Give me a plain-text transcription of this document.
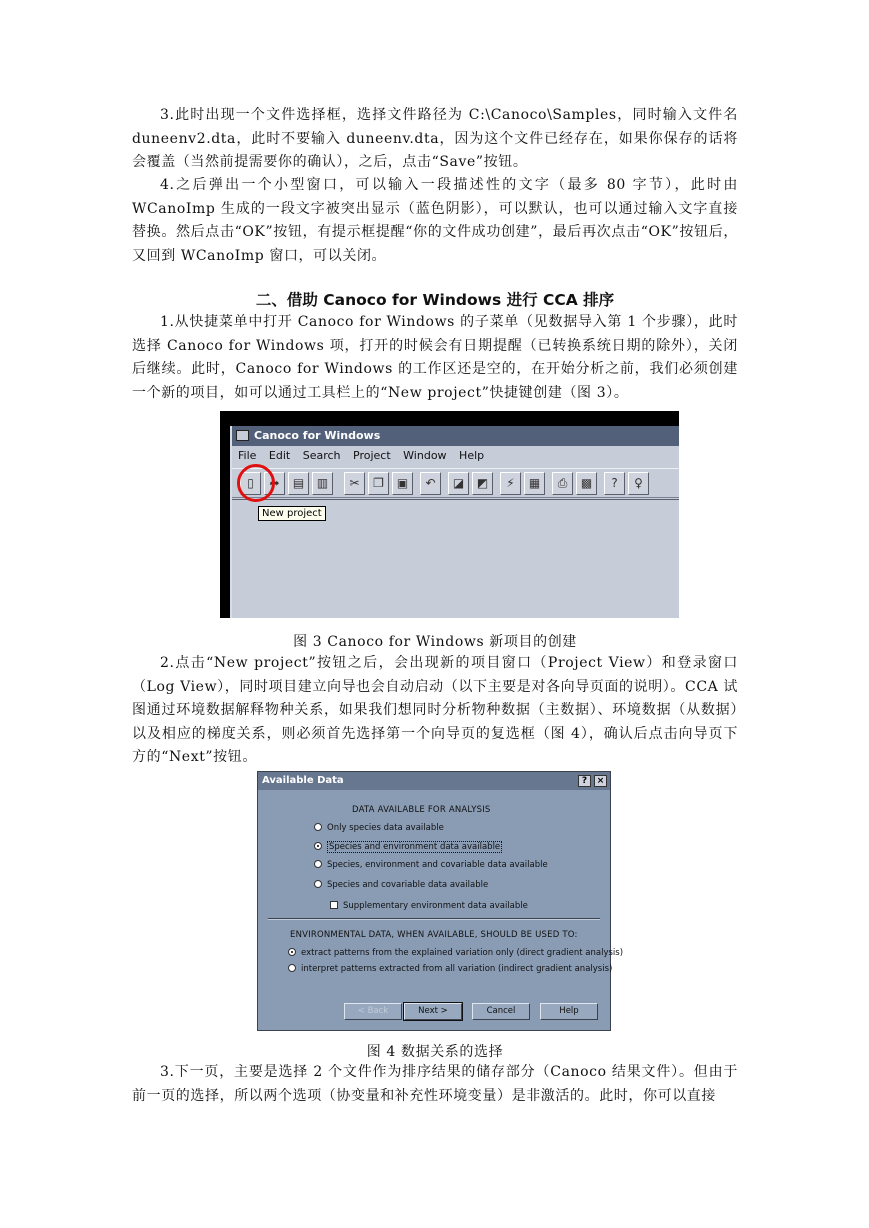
3.此时出现一个文件选择框，选择文件路径为 C:\Canoco\Samples，同时输入文件名 duneenv2.dta，此时不要输入 duneenv.dta，因为这个文件已经存在，如果你保存的话将会覆盖（当然前提需要你的确认），之后，点击“Save”按钮。

4.之后弹出一个小型窗口，可以输入一段描述性的文字（最多 80 字节），此时由 WCanoImp 生成的一段文字被突出显示（蓝色阴影），可以默认，也可以通过输入文字直接替换。然后点击“OK”按钮，有提示框提醒“你的文件成功创建”，最后再次点击“OK”按钮后，又回到 WCanoImp 窗口，可以关闭。

二、借助 Canoco for Windows 进行 CCA 排序

1.从快捷菜单中打开 Canoco for Windows 的子菜单（见数据导入第 1 个步骤），此时选择 Canoco for Windows 项，打开的时候会有日期提醒（已转换系统日期的除外），关闭后继续。此时，Canoco for Windows 的工作区还是空的，在开始分析之前，我们必须创建一个新的项目，如可以通过工具栏上的“New project”快捷键创建（图 3）。

Canoco for Windows
File Edit Search Project Window Help
▯	➦	▤	▥	✂	❐	▣	↶	◪	◩	⚡	▦	⎙	▩	?	♀
New project

图 3 Canoco for Windows 新项目的创建

2.点击“New project”按钮之后，会出现新的项目窗口（Project View）和登录窗口（Log View），同时项目建立向导也会自动启动（以下主要是对各向导页面的说明）。CCA 试图通过环境数据解释物种关系，如果我们想同时分析物种数据（主数据）、环境数据（从数据）以及相应的梯度关系，则必须首先选择第一个向导页的复选框（图 4），确认后点击向导页下方的“Next”按钮。

Available Data	?	×
DATA AVAILABLE FOR ANALYSIS
Only species data available
Species and environment data available
Species, environment and covariable data available
Species and covariable data available
Supplementary environment data available
ENVIRONMENTAL DATA, WHEN AVAILABLE, SHOULD BE USED TO:
extract patterns from the explained variation only (direct gradient analysis)
interpret patterns extracted from all variation (indirect gradient analysis)
< Back	Next >	Cancel	Help

图 4 数据关系的选择

3.下一页，主要是选择 2 个文件作为排序结果的储存部分（Canoco 结果文件）。但由于前一页的选择，所以两个选项（协变量和补充性环境变量）是非激活的。此时，你可以直接
